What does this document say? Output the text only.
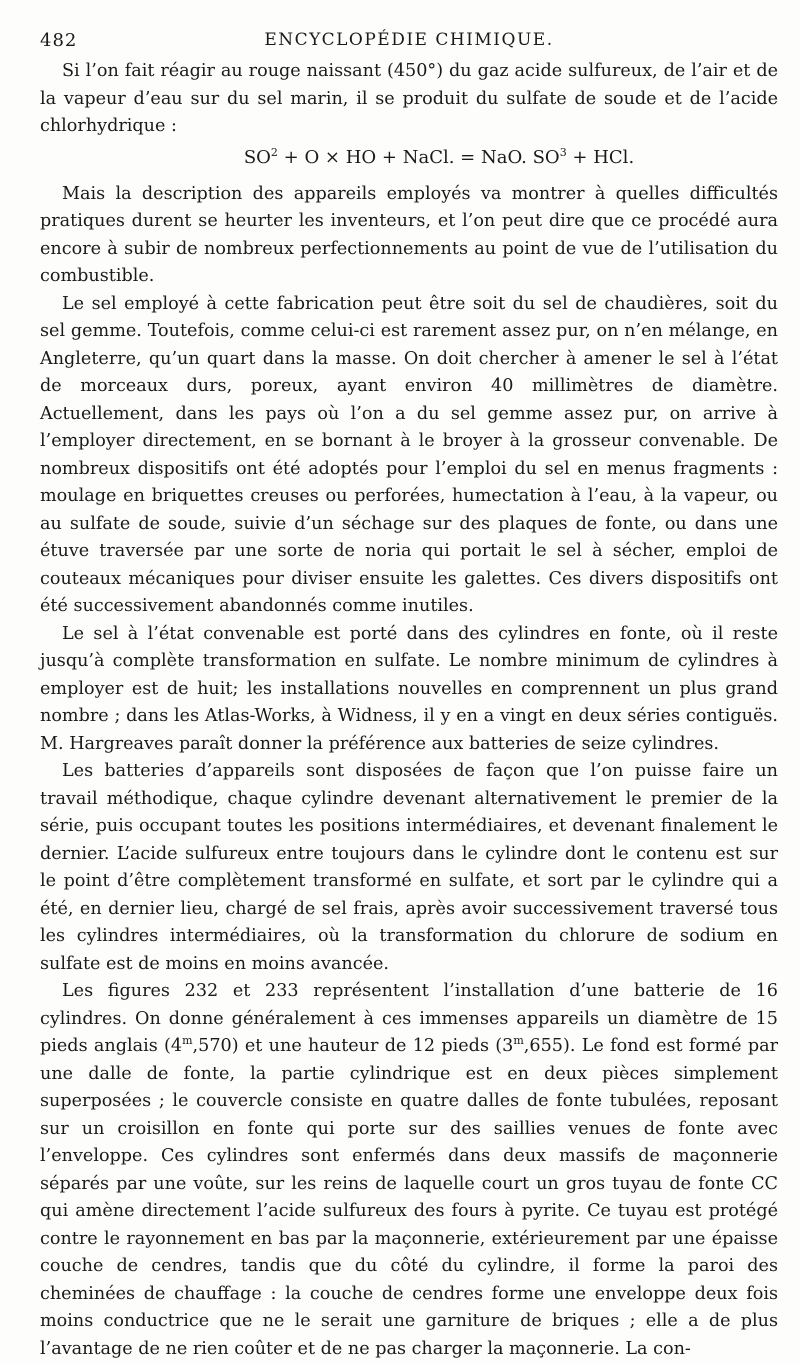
482	ENCYCLOPÉDIE CHIMIQUE.

Si l’on fait réagir au rouge naissant (450°) du gaz acide sulfureux, de l’air et de la vapeur d’eau sur du sel marin, il se produit du sulfate de soude et de l’acide chlorhydrique :

$SO^2 + O$ × HO + NaCl. = NaO. $SO^3$ + HCl.

Mais la description des appareils employés va montrer à quelles difficultés pratiques durent se heurter les inventeurs, et l’on peut dire que ce procédé aura encore à subir de nombreux perfectionnements au point de vue de l’utilisation du combustible.

Le sel employé à cette fabrication peut être soit du sel de chaudières, soit du sel gemme. Toutefois, comme celui-ci est rarement assez pur, on n’en mélange, en Angleterre, qu’un quart dans la masse. On doit chercher à amener le sel à l’état de morceaux durs, poreux, ayant environ 40 millimètres de diamètre. Actuellement, dans les pays où l’on a du sel gemme assez pur, on arrive à l’employer directement, en se bornant à le broyer à la grosseur convenable. De nombreux dispositifs ont été adoptés pour l’emploi du sel en menus fragments : moulage en briquettes creuses ou perforées, humectation à l’eau, à la vapeur, ou au sulfate de soude, suivie d’un séchage sur des plaques de fonte, ou dans une étuve traversée par une sorte de noria qui portait le sel à sécher, emploi de couteaux mécaniques pour diviser ensuite les galettes. Ces divers dispositifs ont été successivement abandonnés comme inutiles.

Le sel à l’état convenable est porté dans des cylindres en fonte, où il reste jusqu’à complète transformation en sulfate. Le nombre minimum de cylindres à employer est de huit; les installations nouvelles en comprennent un plus grand nombre ; dans les Atlas-Works, à Widness, il y en a vingt en deux séries contiguës. M. Hargreaves paraît donner la préférence aux batteries de seize cylindres.

Les batteries d’appareils sont disposées de façon que l’on puisse faire un travail méthodique, chaque cylindre devenant alternativement le premier de la série, puis occupant toutes les positions intermédiaires, et devenant finalement le dernier. L’acide sulfureux entre toujours dans le cylindre dont le contenu est sur le point d’être complètement transformé en sulfate, et sort par le cylindre qui a été, en dernier lieu, chargé de sel frais, après avoir successivement traversé tous les cylindres intermédiaires, où la transformation du chlorure de sodium en sulfate est de moins en moins avancée.

Les figures 232 et 233 représentent l’installation d’une batterie de 16 cylindres. On donne généralement à ces immenses appareils un diamètre de 15 pieds anglais (4$^m$,570) et une hauteur de 12 pieds (3$^m$,655). Le fond est formé par une dalle de fonte, la partie cylindrique est en deux pièces simplement superposées ; le couvercle consiste en quatre dalles de fonte tubulées, reposant sur un croisillon en fonte qui porte sur des saillies venues de fonte avec l’enveloppe. Ces cylindres sont enfermés dans deux massifs de maçonnerie séparés par une voûte, sur les reins de laquelle court un gros tuyau de fonte CC qui amène directement l’acide sulfureux des fours à pyrite. Ce tuyau est protégé contre le rayonnement en bas par la maçonnerie, extérieurement par une épaisse couche de cendres, tandis que du côté du cylindre, il forme la paroi des cheminées de chauffage : la couche de cendres forme une enveloppe deux fois moins conductrice que ne le serait une garniture de briques ; elle a de plus l’avantage de ne rien coûter et de ne pas charger la maçonnerie. La con-
